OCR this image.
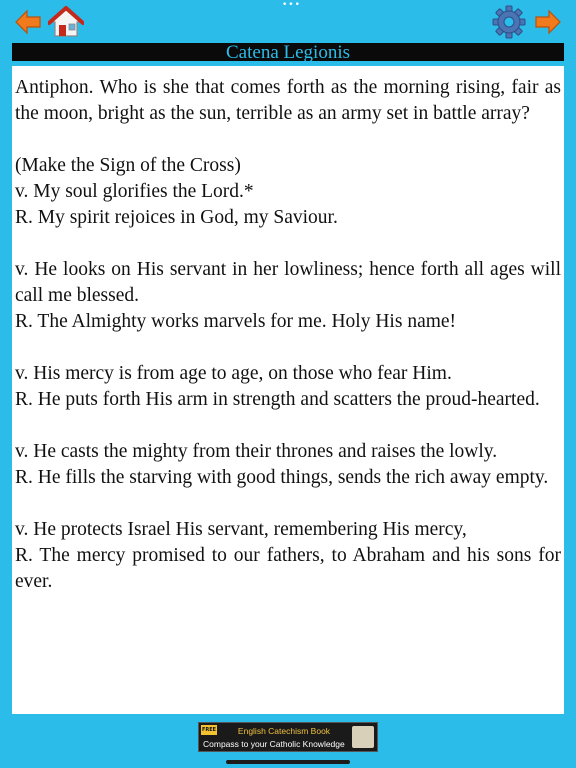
•••
Catena Legionis

Antiphon. Who is she that comes forth as the morning rising, fair as the moon, bright as the sun, terrible as an army set in battle array?

(Make the Sign of the Cross)

v. My soul glorifies the Lord.*

R. My spirit rejoices in God, my Saviour.

v. He looks on His servant in her lowliness; hence forth all ages will call me blessed.

R. The Almighty works marvels for me. Holy His name!

v. His mercy is from age to age, on those who fear Him.

R. He puts forth His arm in strength and scatters the proud-hearted.

v. He casts the mighty from their thrones and raises the lowly.

R. He fills the starving with good things, sends the rich away empty.

v. He protects Israel His servant, remembering His mercy,

R. The mercy promised to our fathers, to Abraham and his sons for ever.

FREE	English Catechism Book
Compass to your Catholic Knowledge
